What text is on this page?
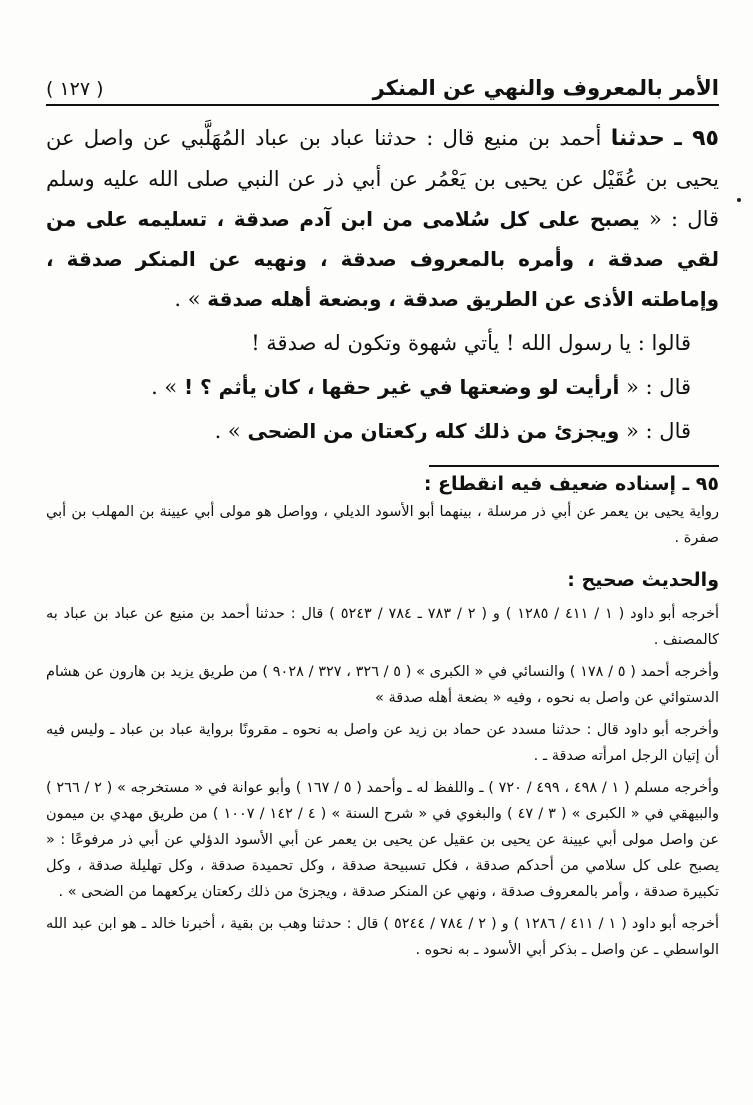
الأمر بالمعروف والنهي عن المنكر
( ١٢٧ )

٩٥ ـ حدثنا أحمد بن منيع قال : حدثنا عباد بن عباد المُهَلَّبي عن واصل عن يحيى بن عُقَيْل عن يحيى بن يَعْمُر عن أبي ذر عن النبي صلى الله عليه وسلم قال : « يصبح على كل سُلامى من ابن آدم صدقة ، تسليمه على من لقي صدقة ، وأمره بالمعروف صدقة ، ونهيه عن المنكر صدقة ، وإماطته الأذى عن الطريق صدقة ، وبضعة أهله صدقة » .

قالوا : يا رسول الله ! يأتي شهوة وتكون له صدقة !

قال : « أرأيت لو وضعتها في غير حقها ، كان يأثم ؟ ! » .

قال : « ويجزئ من ذلك كله ركعتان من الضحى » .

٩٥ ـ إسناده ضعيف فيه انقطاع :

رواية يحيى بن يعمر عن أبي ذر مرسلة ، بينهما أبو الأسود الديلي ، وواصل هو مولى أبي عيينة بن المهلب بن أبي صفرة .

والحديث صحيح :

أخرجه أبو داود ( ١ / ٤١١ / ١٢٨٥ ) و ( ٢ / ٧٨٣ ـ ٧٨٤ / ٥٢٤٣ ) قال : حدثنا أحمد بن منيع عن عباد بن عباد به كالمصنف .

وأخرجه أحمد ( ٥ / ١٧٨ ) والنسائي في « الكبرى » ( ٥ / ٣٢٦ ، ٣٢٧ / ٩٠٢٨ ) من طريق يزيد بن هارون عن هشام الدستوائي عن واصل به نحوه ، وفيه « بضعة أهله صدقة »

وأخرجه أبو داود قال : حدثنا مسدد عن حماد بن زيد عن واصل به نحوه ـ مقرونًا برواية عباد بن عباد ـ وليس فيه أن إتيان الرجل امرأته صدقة ـ .

وأخرجه مسلم ( ١ / ٤٩٨ ، ٤٩٩ / ٧٢٠ ) ـ واللفظ له ـ وأحمد ( ٥ / ١٦٧ ) وأبو عوانة في « مستخرجه » ( ٢ / ٢٦٦ ) والبيهقي في « الكبرى » ( ٣ / ٤٧ ) والبغوي في « شرح السنة » ( ٤ / ١٤٢ / ١٠٠٧ ) من طريق مهدي بن ميمون عن واصل مولى أبي عيينة عن يحيى بن عقيل عن يحيى بن يعمر عن أبي الأسود الدؤلي عن أبي ذر مرفوعًا : « يصبح على كل سلامي من أحدكم صدقة ، فكل تسبيحة صدقة ، وكل تحميدة صدقة ، وكل تهليلة صدقة ، وكل تكبيرة صدقة ، وأمر بالمعروف صدقة ، ونهي عن المنكر صدقة ، ويجزئ من ذلك ركعتان يركعهما من الضحى » .

أخرجه أبو داود ( ١ / ٤١١ / ١٢٨٦ ) و ( ٢ / ٧٨٤ / ٥٢٤٤ ) قال : حدثنا وهب بن بقية ، أخبرنا خالد ـ هو ابن عبد الله الواسطي ـ عن واصل ـ بذكر أبي الأسود ـ به نحوه .
